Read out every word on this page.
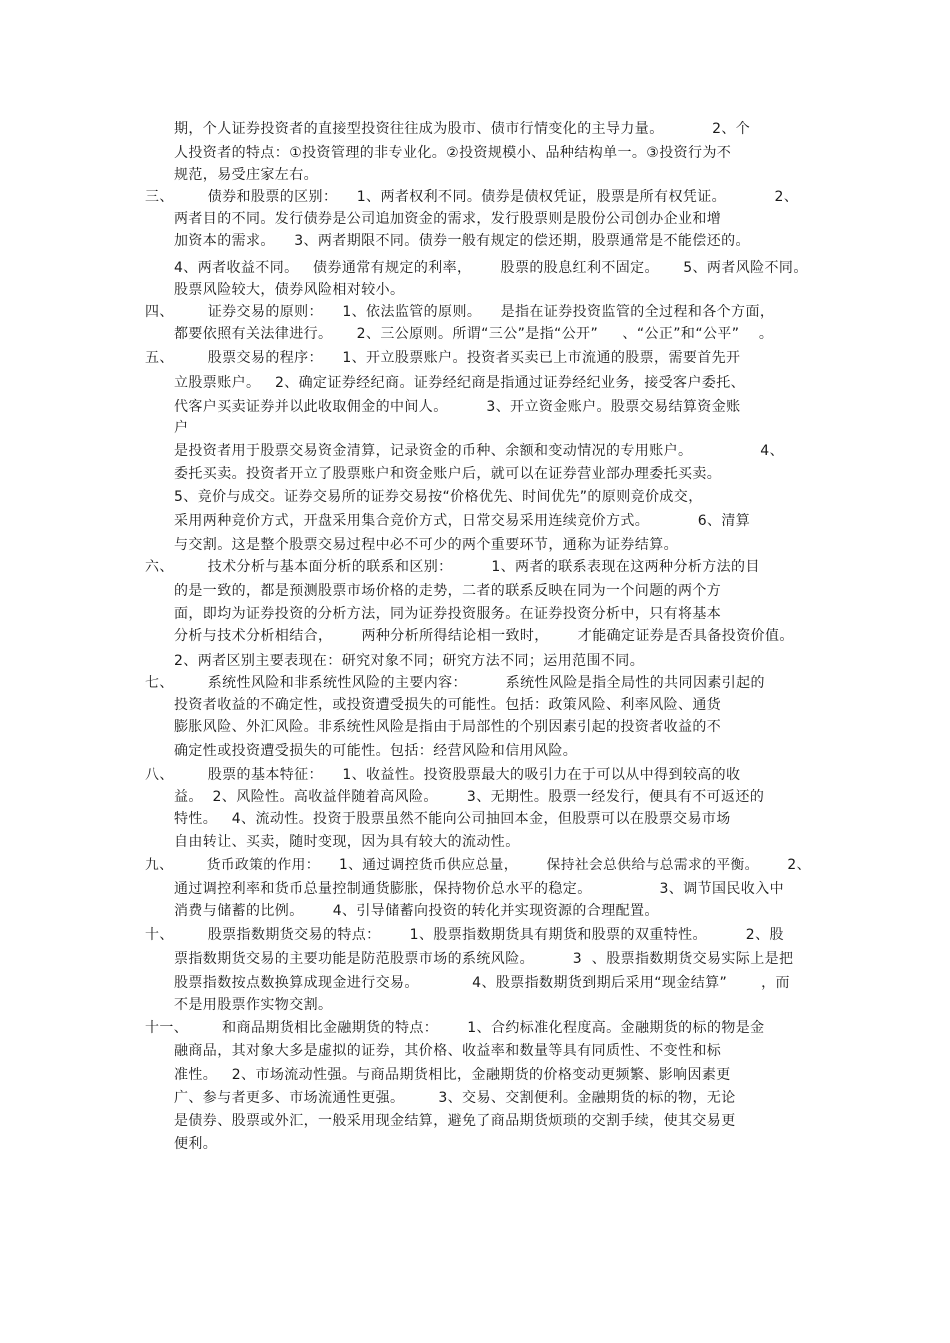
期，个人证券投资者的直接型投资往往成为股市、债市行情变化的主导力量。          2、个
人投资者的特点：①投资管理的非专业化。②投资规模小、品种结构单一。③投资行为不
规范，易受庄家左右。
三、       债券和股票的区别：    1、两者权利不同。债券是债权凭证，股票是所有权凭证。          2、
两者目的不同。发行债券是公司追加资金的需求，发行股票则是股份公司创办企业和增
加资本的需求。    3、两者期限不同。债券一般有规定的偿还期，股票通常是不能偿还的。
4、两者收益不同。   债券通常有规定的利率，      股票的股息红利不固定。     5、两者风险不同。
股票风险较大，债券风险相对较小。
四、       证券交易的原则：    1、依法监管的原则。    是指在证券投资监管的全过程和各个方面，
都要依照有关法律进行。     2、三公原则。所谓“三公”是指“公开”     、“公正”和“公平”    。
五、       股票交易的程序：    1、开立股票账户。投资者买卖已上市流通的股票，需要首先开
立股票账户。   2、确定证券经纪商。证券经纪商是指通过证券经纪业务，接受客户委托、
代客户买卖证券并以此收取佣金的中间人。        3、开立资金账户。股票交易结算资金账
户
是投资者用于股票交易资金清算，记录资金的币种、余额和变动情况的专用账户。              4、
委托买卖。投资者开立了股票账户和资金账户后，就可以在证券营业部办理委托买卖。
5、竞价与成交。证券交易所的证券交易按“价格优先、时间优先”的原则竞价成交，
采用两种竞价方式，开盘采用集合竞价方式，日常交易采用连续竞价方式。          6、清算
与交割。这是整个股票交易过程中必不可少的两个重要环节，通称为证券结算。
六、       技术分析与基本面分析的联系和区别：        1、两者的联系表现在这两种分析方法的目
的是一致的，都是预测股票市场价格的走势，二者的联系反映在同为一个问题的两个方
面，即均为证券投资的分析方法，同为证券投资服务。在证券投资分析中，只有将基本
分析与技术分析相结合，      两种分析所得结论相一致时，      才能确定证券是否具备投资价值。
2、两者区别主要表现在：研究对象不同；研究方法不同；运用范围不同。
七、       系统性风险和非系统性风险的主要内容：        系统性风险是指全局性的共同因素引起的
投资者收益的不确定性，或投资遭受损失的可能性。包括：政策风险、利率风险、通货
膨胀风险、外汇风险。非系统性风险是指由于局部性的个别因素引起的投资者收益的不
确定性或投资遭受损失的可能性。包括：经营风险和信用风险。
八、       股票的基本特征：    1、收益性。投资股票最大的吸引力在于可以从中得到较高的收
益。  2、风险性。高收益伴随着高风险。      3、无期性。股票一经发行，便具有不可返还的
特性。   4、流动性。投资于股票虽然不能向公司抽回本金，但股票可以在股票交易市场
自由转让、买卖，随时变现，因为具有较大的流动性。
九、       货币政策的作用：    1、通过调控货币供应总量，      保持社会总供给与总需求的平衡。      2、
通过调控利率和货币总量控制通货膨胀，保持物价总水平的稳定。              3、调节国民收入中
消费与储蓄的比例。      4、引导储蓄向投资的转化并实现资源的合理配置。
十、       股票指数期货交易的特点：      1、股票指数期货具有期货和股票的双重特性。        2、股
票指数期货交易的主要功能是防范股票市场的系统风险。        3  、股票指数期货交易实际上是把
股票指数按点数换算成现金进行交易。           4、股票指数期货到期后采用“现金结算”       ，而
不是用股票作实物交割。
十一、       和商品期货相比金融期货的特点：      1、合约标准化程度高。金融期货的标的物是金
融商品，其对象大多是虚拟的证券，其价格、收益率和数量等具有同质性、不变性和标
准性。   2、市场流动性强。与商品期货相比，金融期货的价格变动更频繁、影响因素更
广、参与者更多、市场流通性更强。       3、交易、交割便利。金融期货的标的物，无论
是债券、股票或外汇，一般采用现金结算，避免了商品期货烦琐的交割手续，使其交易更
便利。
